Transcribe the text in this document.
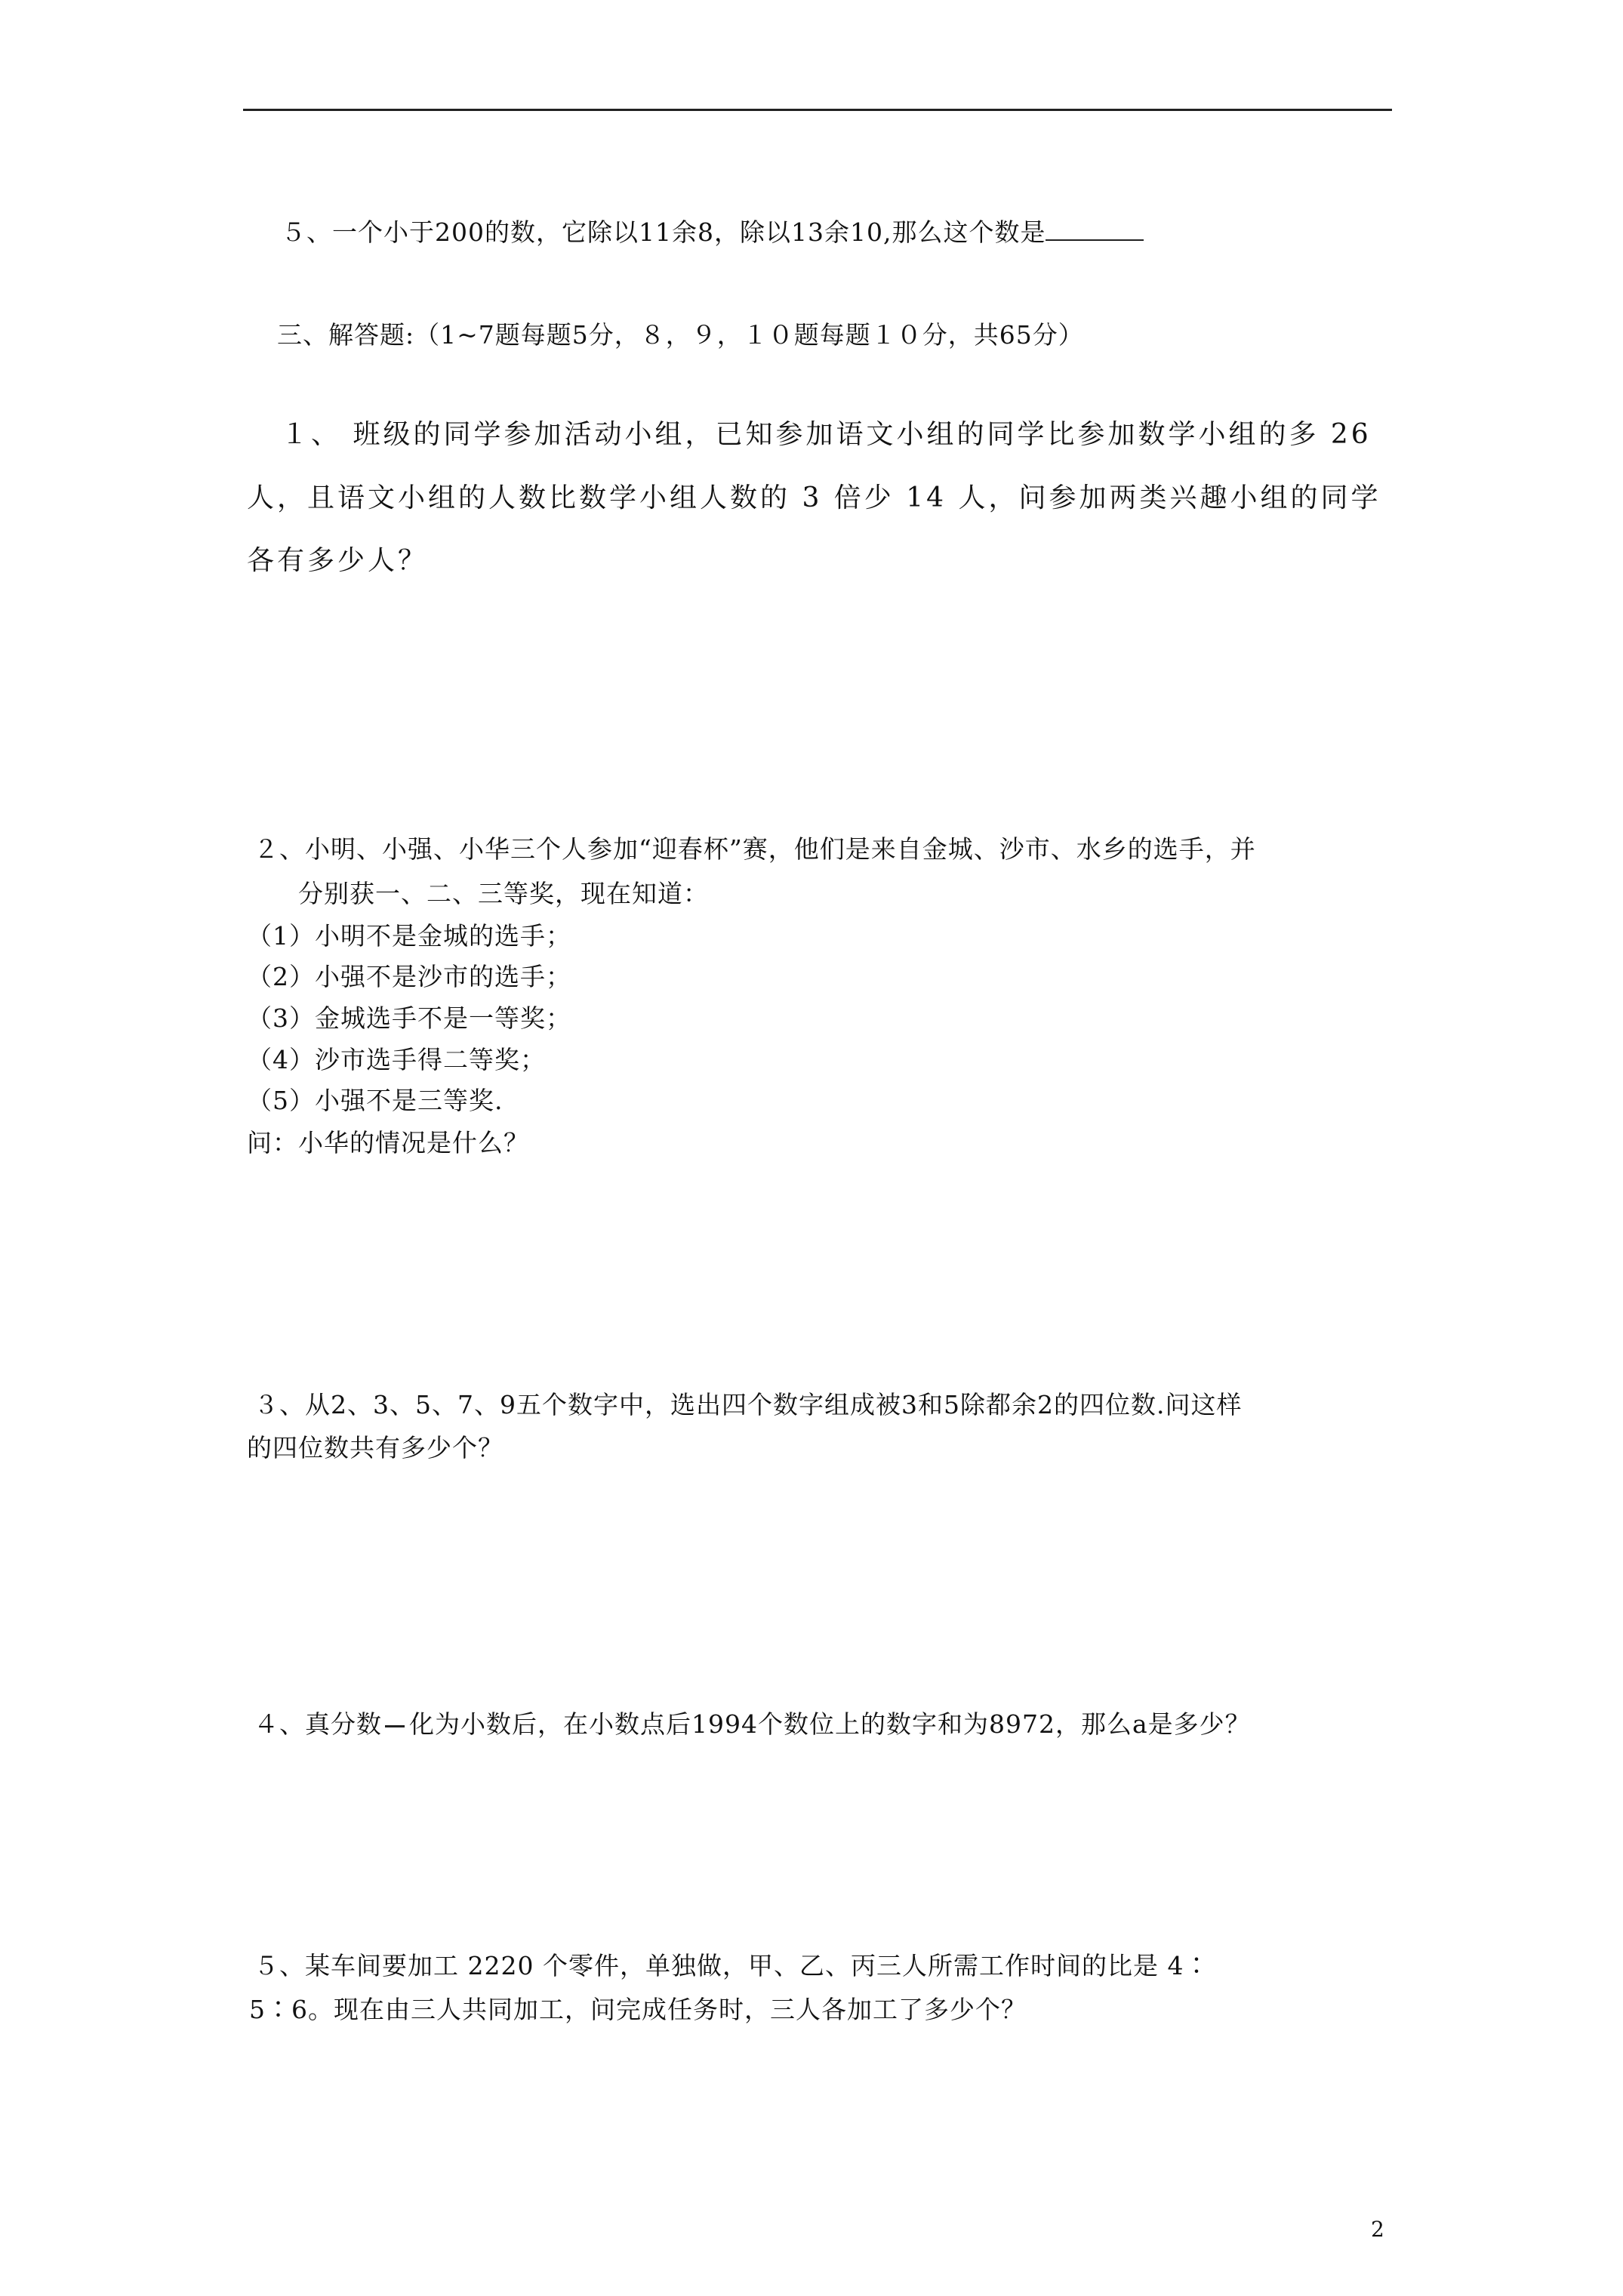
５、一个小于200的数，它除以11余8，除以13余10,那么这个数是
三、解答题:（1~7题每题5分，８，９，１０题每题１０分，共65分）
１、 班级的同学参加活动小组，已知参加语文小组的同学比参加数学小组的多 26
人，且语文小组的人数比数学小组人数的 3 倍少 14 人，问参加两类兴趣小组的同学
各有多少人？
２、小明、小强、小华三个人参加“迎春杯”赛，他们是来自金城、沙市、水乡的选手，并
分别获一、二、三等奖，现在知道：
（1）小明不是金城的选手；
（2）小强不是沙市的选手；
（3）金城选手不是一等奖；
（4）沙市选手得二等奖；
（5）小强不是三等奖.
问：小华的情况是什么？
３、从2、3、5、7、9五个数字中，选出四个数字组成被3和5除都余2的四位数.问这样
的四位数共有多少个？
４、真分数 化为小数后，在小数点后1994个数位上的数字和为8972，那么a是多少？
５、某车间要加工 2220 个零件，单独做，甲、乙、丙三人所需工作时间的比是 4∶
5∶6。现在由三人共同加工，问完成任务时，三人各加工了多少个？
2
